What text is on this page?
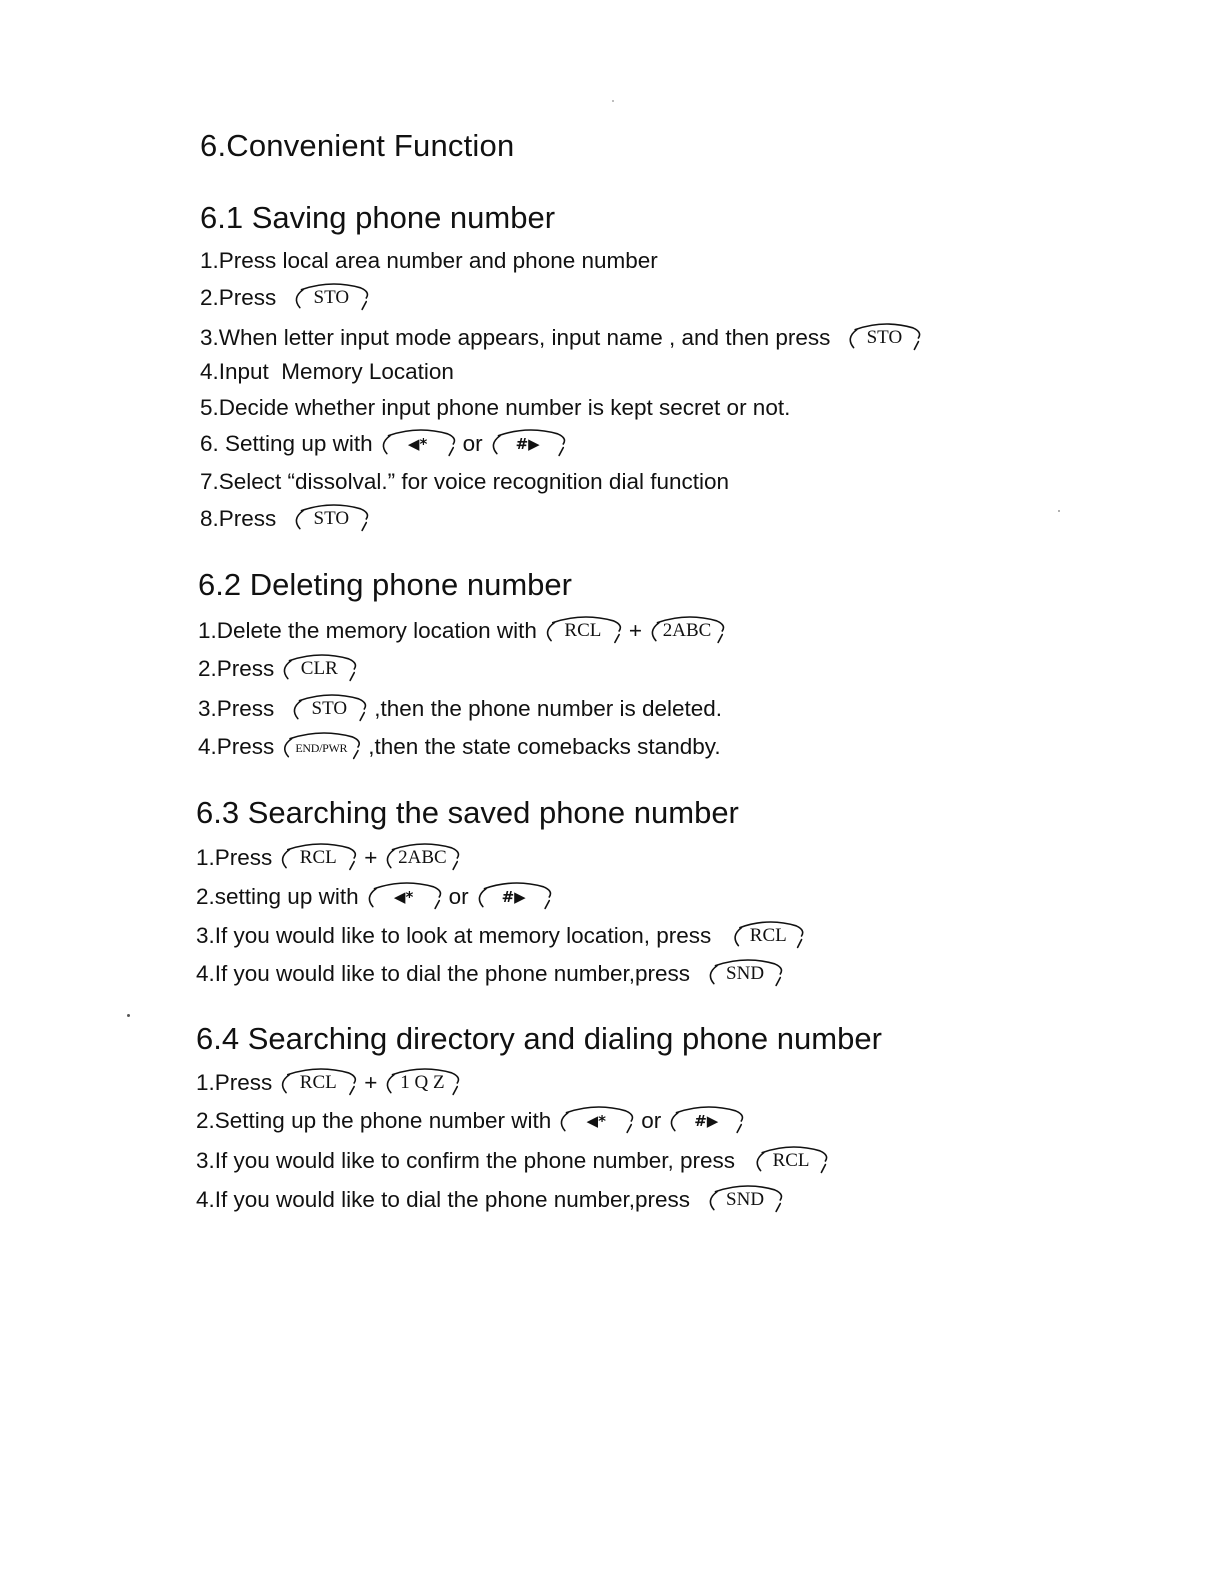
6.Convenient Function
6.1 Saving phone number

1.Press local area number and phone number

2.Press	STO

3.When letter input mode appears, input name , and then press	STO

4.Input  Memory Location

5.Decide whether input phone number is kept secret or not.

6. Setting up with	◀*	or	#▶

7.Select “dissolval.” for voice recognition dial function

8.Press	STO

6.2 Deleting phone number

1.Delete the memory location with	RCL	+	2ABC

2.Press	CLR

3.Press	STO	,then the phone number is deleted.

4.Press	END/PWR ,then the state comebacks standby.

6.3 Searching the saved phone number

1.Press	RCL	+	2ABC

2.setting up with	◀*	or	#▶

3.If you would like to look at memory location, press	RCL

4.If you would like to dial the phone number,press	SND

6.4 Searching directory and dialing phone number

1.Press	RCL	+	1 Q Z

2.Setting up the phone number with	◀*	or	#▶

3.If you would like to confirm the phone number, press	RCL

4.If you would like to dial the phone number,press	SND
